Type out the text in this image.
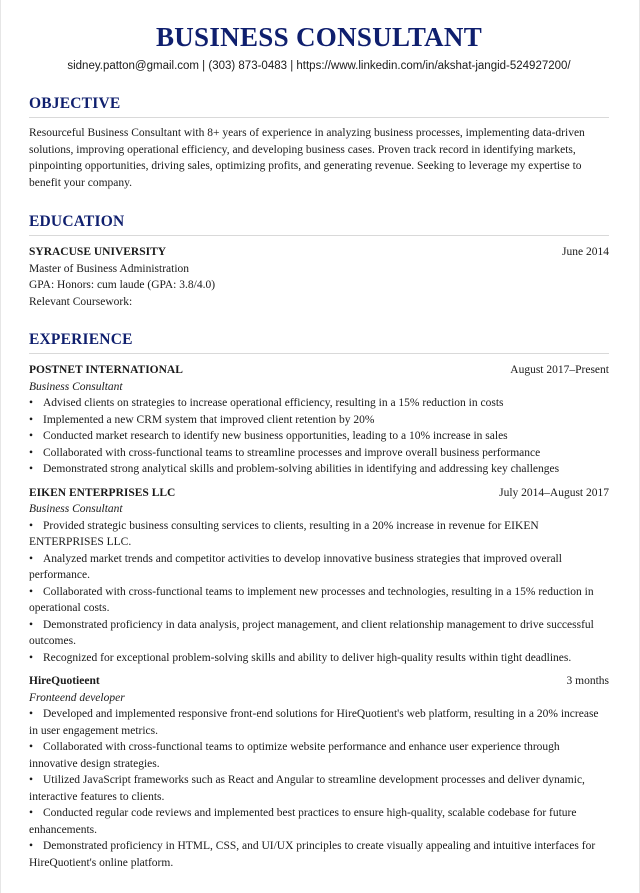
BUSINESS CONSULTANT
sidney.patton@gmail.com | (303) 873-0483 | https://www.linkedin.com/in/akshat-jangid-524927200/
OBJECTIVE
Resourceful Business Consultant with 8+ years of experience in analyzing business processes, implementing data-driven solutions, improving operational efficiency, and developing business cases. Proven track record in identifying markets, pinpointing opportunities, driving sales, optimizing profits, and generating revenue. Seeking to leverage my expertise to benefit your company.
EDUCATION
SYRACUSE UNIVERSITY	June 2014
Master of Business Administration
GPA: Honors: cum laude (GPA: 3.8/4.0)
Relevant Coursework:
EXPERIENCE
POSTNET INTERNATIONAL	August 2017–Present
Business Consultant
• Advised clients on strategies to increase operational efficiency, resulting in a 15% reduction in costs
• Implemented a new CRM system that improved client retention by 20%
• Conducted market research to identify new business opportunities, leading to a 10% increase in sales
• Collaborated with cross-functional teams to streamline processes and improve overall business performance
• Demonstrated strong analytical skills and problem-solving abilities in identifying and addressing key challenges
EIKEN ENTERPRISES LLC	July 2014–August 2017
Business Consultant
• Provided strategic business consulting services to clients, resulting in a 20% increase in revenue for EIKEN ENTERPRISES LLC.
• Analyzed market trends and competitor activities to develop innovative business strategies that improved overall performance.
• Collaborated with cross-functional teams to implement new processes and technologies, resulting in a 15% reduction in operational costs.
• Demonstrated proficiency in data analysis, project management, and client relationship management to drive successful outcomes.
• Recognized for exceptional problem-solving skills and ability to deliver high-quality results within tight deadlines.
HireQuotieent	3 months
Fronteend developer
• Developed and implemented responsive front-end solutions for HireQuotient's web platform, resulting in a 20% increase in user engagement metrics.
• Collaborated with cross-functional teams to optimize website performance and enhance user experience through innovative design strategies.
• Utilized JavaScript frameworks such as React and Angular to streamline development processes and deliver dynamic, interactive features to clients.
• Conducted regular code reviews and implemented best practices to ensure high-quality, scalable codebase for future enhancements.
• Demonstrated proficiency in HTML, CSS, and UI/UX principles to create visually appealing and intuitive interfaces for HireQuotient's online platform.
